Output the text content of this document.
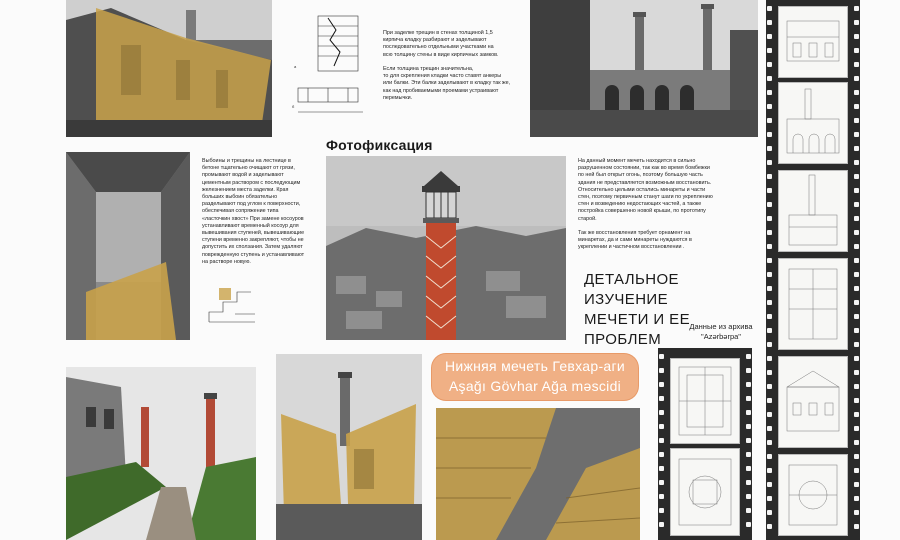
a
б
При заделке трещин в стенах толщиной 1,5
кирпича кладку разбирают и заделывают
последовательно отдельными участками на
всю толщину стены в виде кирпичных замков.

Если толщина трещин значительна,
то для скрепления кладки часто ставят анкеры
или балки. Эти балки заделывают в кладку так же,
как над пробиваемыми проемами устраивают
перемычки.
Фотофиксация
Выбоины и трещины на лестнице в
бетоне тщательно очищают от грязи,
промывают водой и заделывают
цементным раствором с последующим
железнением места заделки. Края
больших выбоин обязательно
разделывают под углом к поверхности,
обеспечивая сопряжение типа
«ласточкин хвост» При замене косоуров
устанавливают временный косоур для
вывешивания ступеней, вывешивающие
ступени временно закрепляют, чтобы не
допустить их сползания. Затем удаляют
поврежденную ступень и устанавливают
на растворе новую.
На данный момент мечеть находится в сильно
разрушенном состоянии, так как во время бомбежки
по ней был открыт огонь, поэтому большую часть
здания не представляется возможным восстановить.
Относительно целыми остались минареты и части
стен, поэтому первичным станут шаги по укреплению
стен и возведению недостающих частей, а также
постройка совершенно новой крыши, по прототипу
старой.

Так же восстановления требует орнамент на
минаретах, да и сами минареты нуждаются в
укреплении и частичном восстановлении .
ДЕТАЛЬНОЕ
ИЗУЧЕНИЕ
МЕЧЕТИ И ЕЕ
ПРОБЛЕМ
Данные из архива
"Azərbərpa"
Нижняя мечеть Гевхар-аги
Aşağı Gövhar Ağa məscidi
